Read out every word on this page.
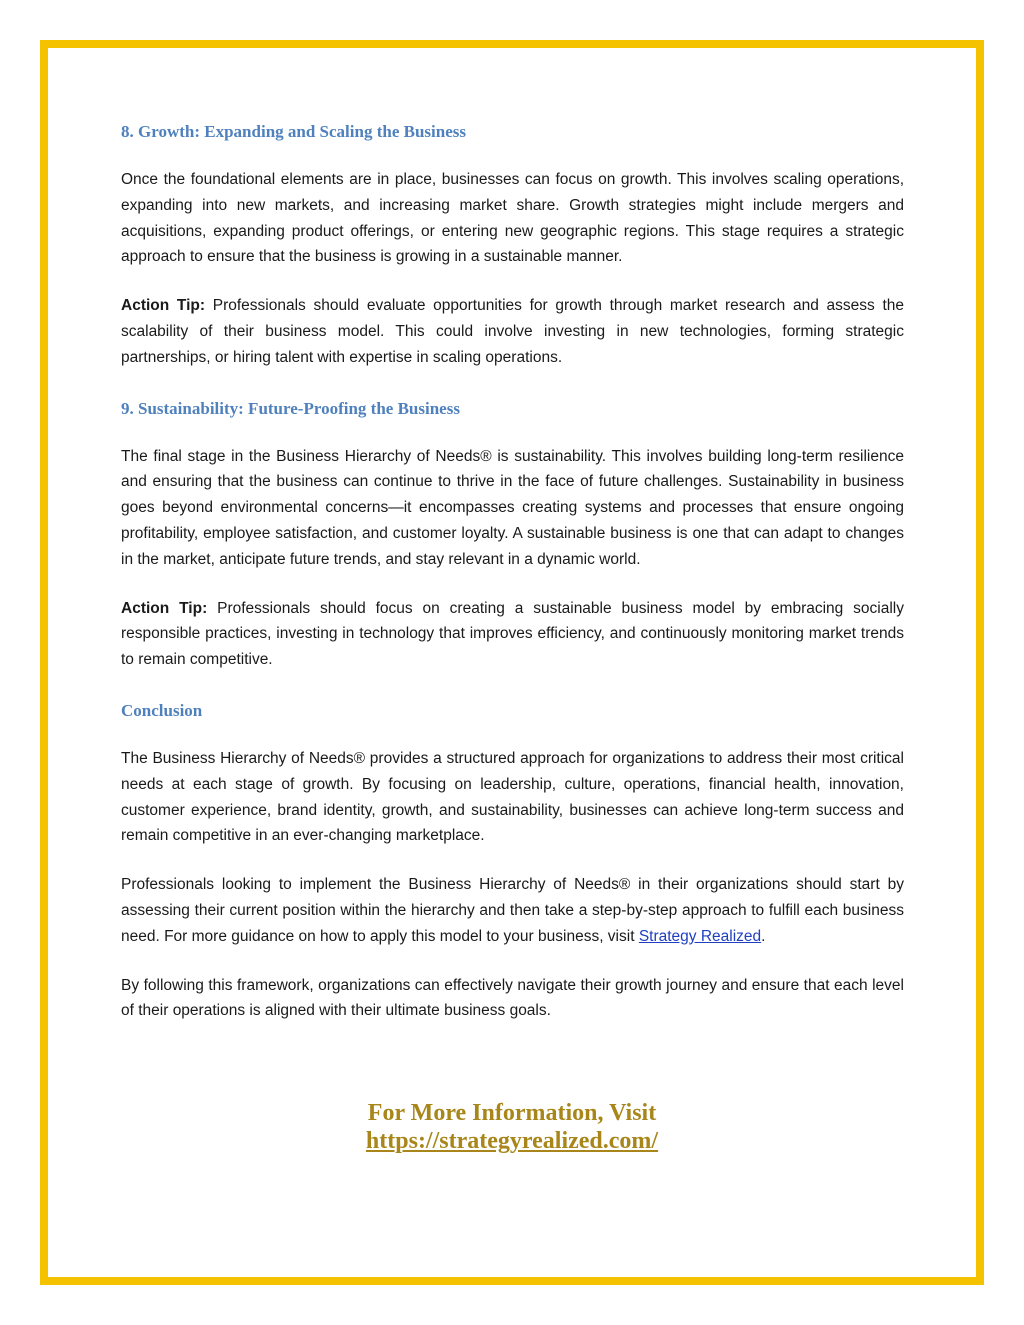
8. Growth: Expanding and Scaling the Business

Once the foundational elements are in place, businesses can focus on growth. This involves scaling operations, expanding into new markets, and increasing market share. Growth strategies might include mergers and acquisitions, expanding product offerings, or entering new geographic regions. This stage requires a strategic approach to ensure that the business is growing in a sustainable manner.

Action Tip: Professionals should evaluate opportunities for growth through market research and assess the scalability of their business model. This could involve investing in new technologies, forming strategic partnerships, or hiring talent with expertise in scaling operations.

9. Sustainability: Future-Proofing the Business

The final stage in the Business Hierarchy of Needs® is sustainability. This involves building long-term resilience and ensuring that the business can continue to thrive in the face of future challenges. Sustainability in business goes beyond environmental concerns—it encompasses creating systems and processes that ensure ongoing profitability, employee satisfaction, and customer loyalty. A sustainable business is one that can adapt to changes in the market, anticipate future trends, and stay relevant in a dynamic world.

Action Tip: Professionals should focus on creating a sustainable business model by embracing socially responsible practices, investing in technology that improves efficiency, and continuously monitoring market trends to remain competitive.

Conclusion

The Business Hierarchy of Needs® provides a structured approach for organizations to address their most critical needs at each stage of growth. By focusing on leadership, culture, operations, financial health, innovation, customer experience, brand identity, growth, and sustainability, businesses can achieve long-term success and remain competitive in an ever-changing marketplace.

Professionals looking to implement the Business Hierarchy of Needs® in their organizations should start by assessing their current position within the hierarchy and then take a step-by-step approach to fulfill each business need. For more guidance on how to apply this model to your business, visit Strategy Realized.

By following this framework, organizations can effectively navigate their growth journey and ensure that each level of their operations is aligned with their ultimate business goals.

For More Information, Visit
https://strategyrealized.com/
